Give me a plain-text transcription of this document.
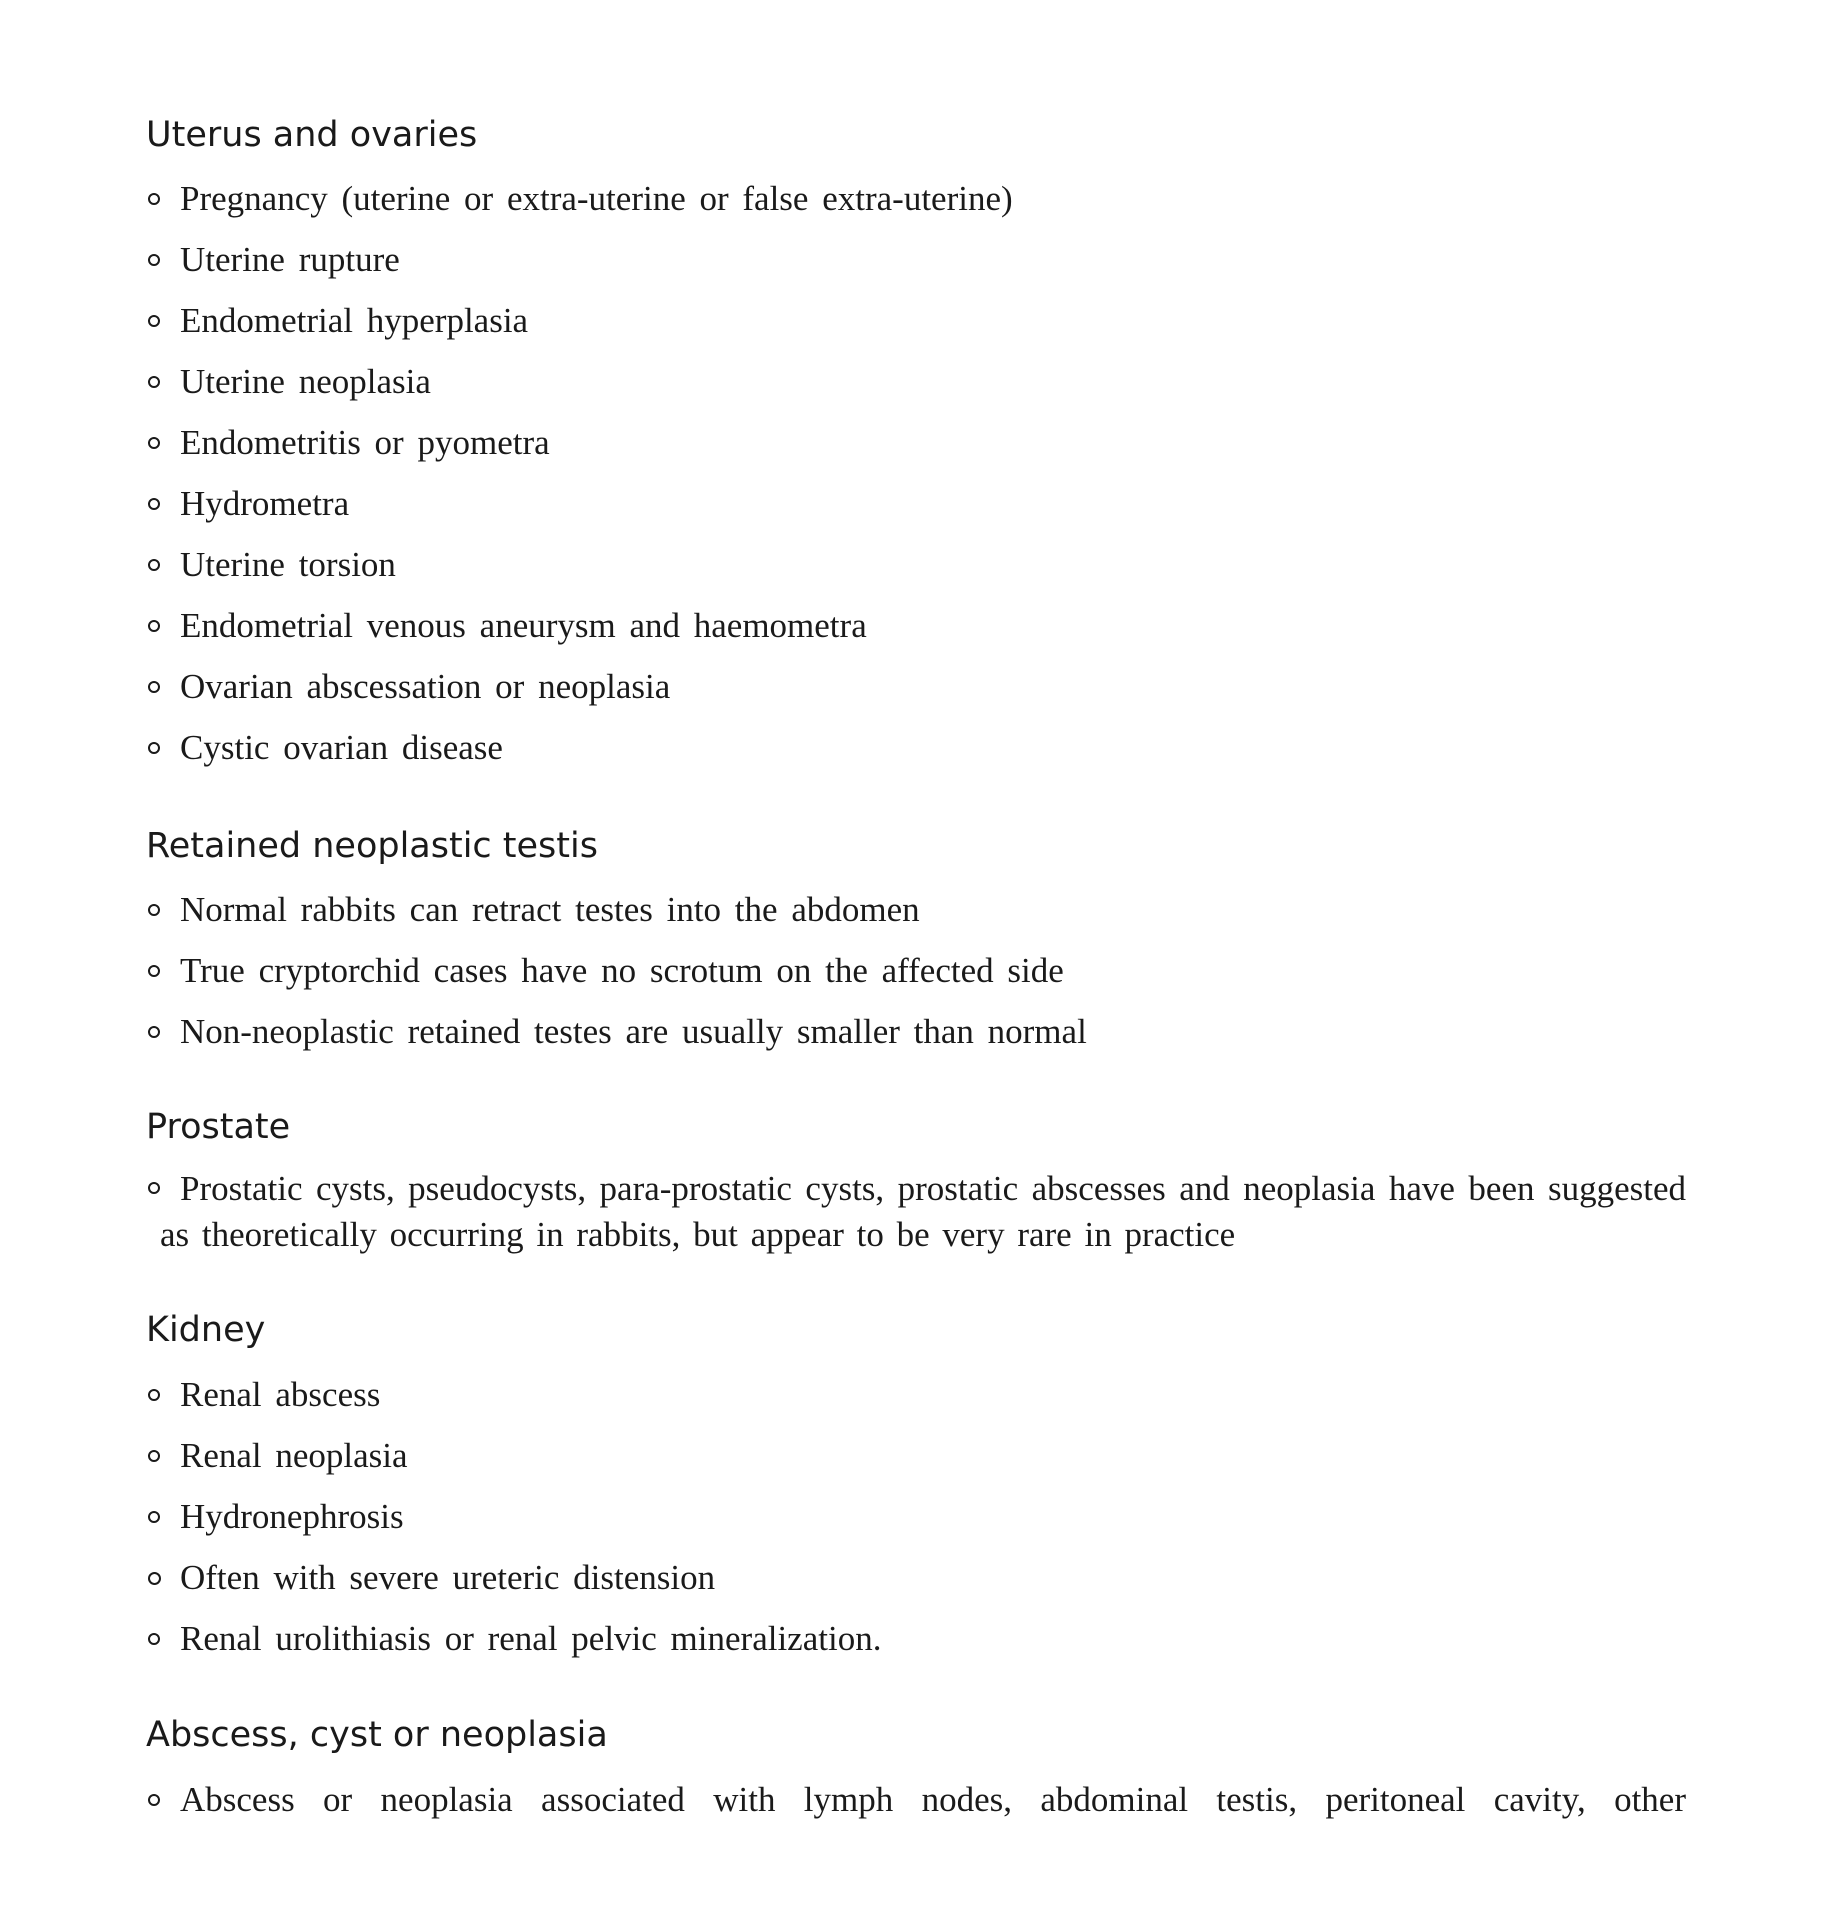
Uterus and ovaries
Pregnancy (uterine or extra-uterine or false extra-uterine)
Uterine rupture
Endometrial hyperplasia
Uterine neoplasia
Endometritis or pyometra
Hydrometra
Uterine torsion
Endometrial venous aneurysm and haemometra
Ovarian abscessation or neoplasia
Cystic ovarian disease
Retained neoplastic testis
Normal rabbits can retract testes into the abdomen
True cryptorchid cases have no scrotum on the affected side
Non-neoplastic retained testes are usually smaller than normal
Prostate
Prostatic cysts, pseudocysts, para-prostatic cysts, prostatic abscesses and neoplasia have been suggested as theoretically occurring in rabbits, but appear to be very rare in practice
Kidney
Renal abscess
Renal neoplasia
Hydronephrosis
Often with severe ureteric distension
Renal urolithiasis or renal pelvic mineralization.
Abscess, cyst or neoplasia
Abscess or neoplasia associated with lymph nodes, abdominal testis, peritoneal cavity, other
